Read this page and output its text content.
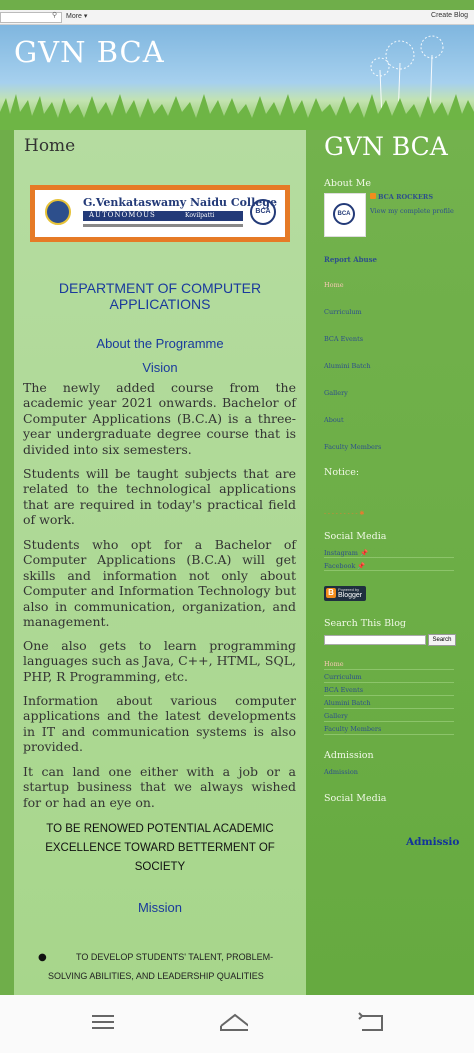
⚲ More ▾	Create Blog
GVN BCA
Home
G.Venkataswamy Naidu College
AUTONOMOUS	Kovilpatti
BCA
DEPARTMENT OF COMPUTER APPLICATIONS
About the Programme
Vision

The newly added course from the academic year 2021 onwards. Bachelor of Computer Applications (B.C.A) is a three-year undergraduate degree course that is divided into six semesters.

Students will be taught subjects that are related to the technological applications that are required in today's practical field of work.

Students who opt for a Bachelor of Computer Applications (B.C.A) will get skills and information not only about Computer and Information Technology but also in communication, organization, and management.

One also gets to learn programming languages such as Java, C++, HTML, SQL, PHP, R Programming, etc.

Information about various computer applications and the latest developments in IT and communication systems is also provided.

It can land one either with a job or a startup business that we always wished for or had an eye on.

TO BE RENOWED POTENTIAL ACADEMIC EXCELLENCE TOWARD BETTERMENT OF SOCIETY
Mission
●	TO DEVELOP STUDENTS' TALENT, PROBLEM-SOLVING ABILITIES, AND LEADERSHIP QUALITIES
GVN BCA
About Me
BCA
BCA ROCKERS
View my complete profile
Report Abuse
Home
Curriculum
BCA Events
Alumini Batch
Gallery
About
Faculty Members
Notice:
- - - - - - - - - ✱
Social Media
Instagram 📌
Facebook 📌
B	Powered by
Blogger
Search This Blog
Search
Home
Curriculum
BCA Events
Alumini Batch
Gallery
Faculty Members
Admission
Admission
Social Media
Admissio
